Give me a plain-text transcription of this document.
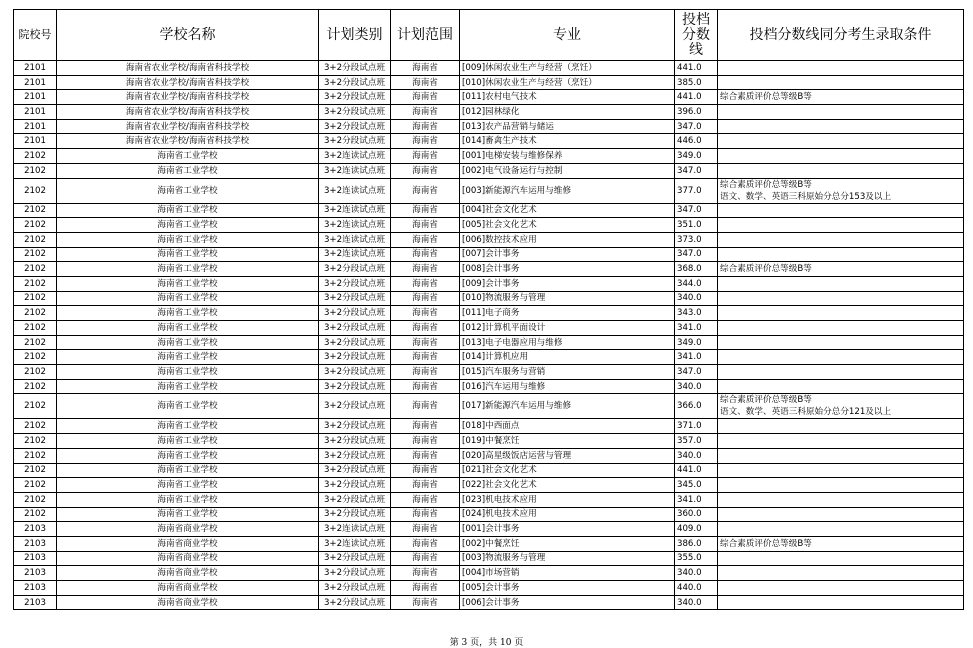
院校号	学校名称	计划类别	计划范围	专业	投档分数线	投档分数线同分考生录取条件
2101	海南省农业学校/海南省科技学校	3+2分段试点班	海南省	[009]休闲农业生产与经营（烹饪）	441.0	
2101	海南省农业学校/海南省科技学校	3+2分段试点班	海南省	[010]休闲农业生产与经营（烹饪）	385.0	
2101	海南省农业学校/海南省科技学校	3+2分段试点班	海南省	[011]农村电气技术	441.0	综合素质评价总等级B等

2101	海南省农业学校/海南省科技学校	3+2分段试点班	海南省	[012]园林绿化	396.0	
2101	海南省农业学校/海南省科技学校	3+2分段试点班	海南省	[013]农产品营销与储运	347.0	
2101	海南省农业学校/海南省科技学校	3+2分段试点班	海南省	[014]畜禽生产技术	446.0	
2102	海南省工业学校	3+2连读试点班	海南省	[001]电梯安装与维修保养	349.0	
2102	海南省工业学校	3+2连读试点班	海南省	[002]电气设备运行与控制	347.0	
2102	海南省工业学校	3+2连读试点班	海南省	[003]新能源汽车运用与维修	377.0	综合素质评价总等级B等
语文、数学、英语三科原始分总分153及以上

2102	海南省工业学校	3+2连读试点班	海南省	[004]社会文化艺术	347.0	
2102	海南省工业学校	3+2连读试点班	海南省	[005]社会文化艺术	351.0	
2102	海南省工业学校	3+2连读试点班	海南省	[006]数控技术应用	373.0	
2102	海南省工业学校	3+2连读试点班	海南省	[007]会计事务	347.0	
2102	海南省工业学校	3+2分段试点班	海南省	[008]会计事务	368.0	综合素质评价总等级B等

2102	海南省工业学校	3+2分段试点班	海南省	[009]会计事务	344.0	
2102	海南省工业学校	3+2分段试点班	海南省	[010]物流服务与管理	340.0	
2102	海南省工业学校	3+2分段试点班	海南省	[011]电子商务	343.0	
2102	海南省工业学校	3+2分段试点班	海南省	[012]计算机平面设计	341.0	
2102	海南省工业学校	3+2分段试点班	海南省	[013]电子电器应用与维修	349.0	
2102	海南省工业学校	3+2分段试点班	海南省	[014]计算机应用	341.0	
2102	海南省工业学校	3+2分段试点班	海南省	[015]汽车服务与营销	347.0	
2102	海南省工业学校	3+2分段试点班	海南省	[016]汽车运用与维修	340.0	
2102	海南省工业学校	3+2分段试点班	海南省	[017]新能源汽车运用与维修	366.0	综合素质评价总等级B等
语文、数学、英语三科原始分总分121及以上

2102	海南省工业学校	3+2分段试点班	海南省	[018]中西面点	371.0	
2102	海南省工业学校	3+2分段试点班	海南省	[019]中餐烹饪	357.0	
2102	海南省工业学校	3+2分段试点班	海南省	[020]高星级饭店运营与管理	340.0	
2102	海南省工业学校	3+2分段试点班	海南省	[021]社会文化艺术	441.0	
2102	海南省工业学校	3+2分段试点班	海南省	[022]社会文化艺术	345.0	
2102	海南省工业学校	3+2分段试点班	海南省	[023]机电技术应用	341.0	
2102	海南省工业学校	3+2分段试点班	海南省	[024]机电技术应用	360.0	
2103	海南省商业学校	3+2连读试点班	海南省	[001]会计事务	409.0	
2103	海南省商业学校	3+2连读试点班	海南省	[002]中餐烹饪	386.0	综合素质评价总等级B等

2103	海南省商业学校	3+2分段试点班	海南省	[003]物流服务与管理	355.0	
2103	海南省商业学校	3+2分段试点班	海南省	[004]市场营销	340.0	
2103	海南省商业学校	3+2分段试点班	海南省	[005]会计事务	440.0	
2103	海南省商业学校	3+2分段试点班	海南省	[006]会计事务	340.0	
第 3 页，共 10 页
